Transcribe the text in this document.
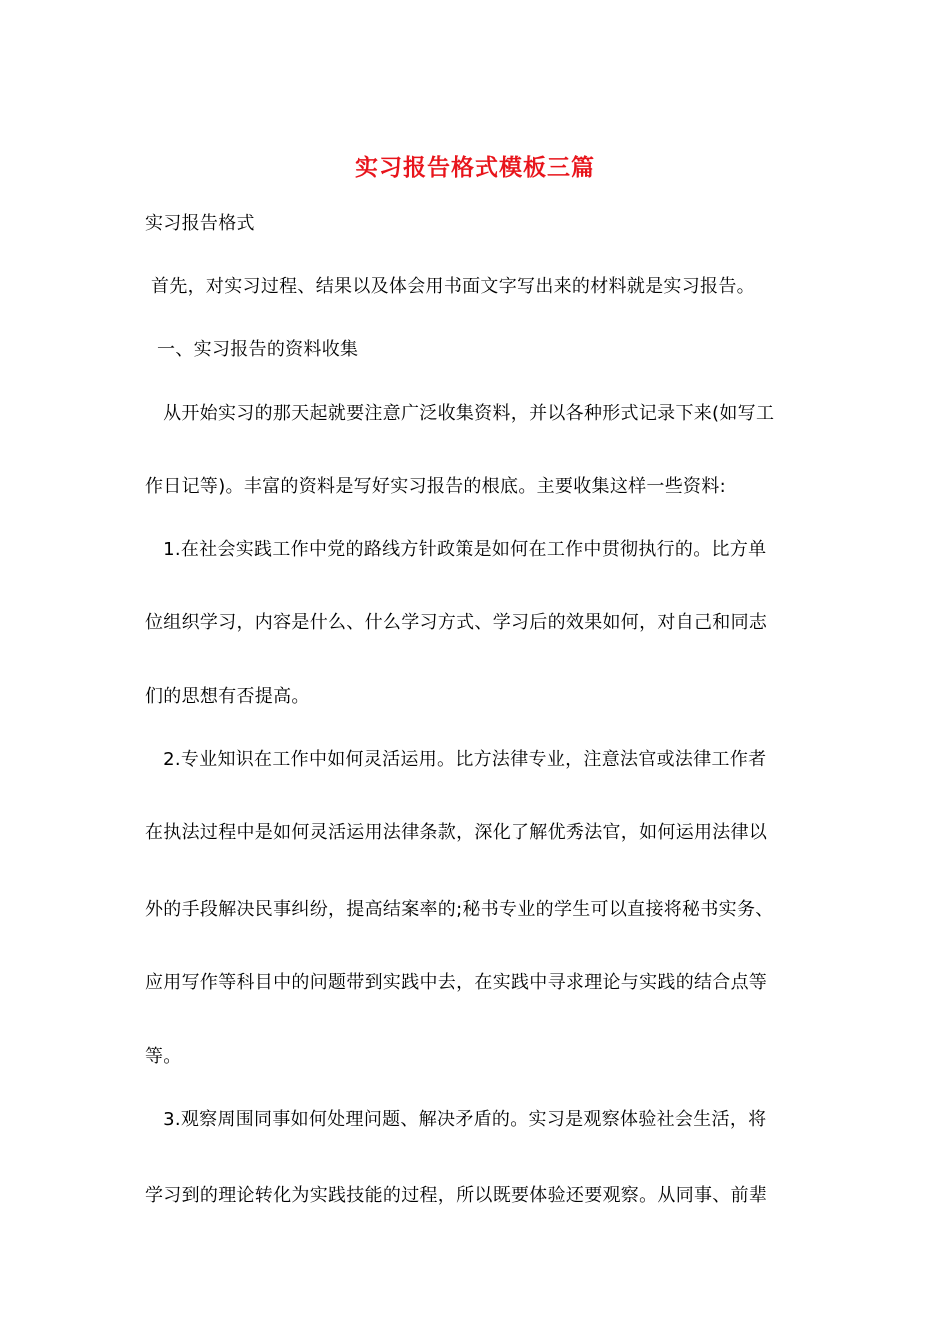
实习报告格式模板三篇
实习报告格式
首先，对实习过程、结果以及体会用书面文字写出来的材料就是实习报告。
一、实习报告的资料收集
从开始实习的那天起就要注意广泛收集资料，并以各种形式记录下来(如写工
作日记等)。丰富的资料是写好实习报告的根底。主要收集这样一些资料:
1.在社会实践工作中党的路线方针政策是如何在工作中贯彻执行的。比方单
位组织学习，内容是什么、什么学习方式、学习后的效果如何，对自己和同志
们的思想有否提高。
2.专业知识在工作中如何灵活运用。比方法律专业，注意法官或法律工作者
在执法过程中是如何灵活运用法律条款，深化了解优秀法官，如何运用法律以
外的手段解决民事纠纷，提高结案率的;秘书专业的学生可以直接将秘书实务、
应用写作等科目中的问题带到实践中去，在实践中寻求理论与实践的结合点等
等。
3.观察周围同事如何处理问题、解决矛盾的。实习是观察体验社会生活，将
学习到的理论转化为实践技能的过程，所以既要体验还要观察。从同事、前辈
